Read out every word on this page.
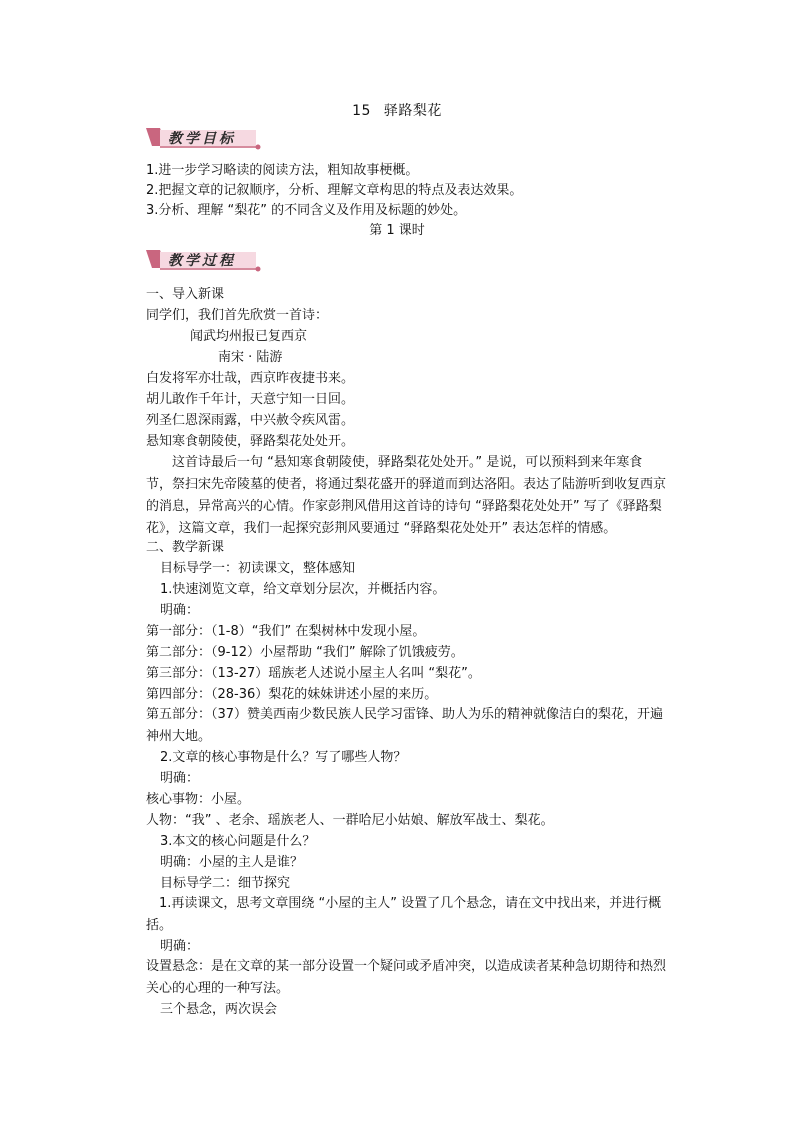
15 驿路梨花
教学目标
1.进一步学习略读的阅读方法，粗知故事梗概。
2.把握文章的记叙顺序，分析、理解文章构思的特点及表达效果。
3.分析、理解 “梨花” 的不同含义及作用及标题的妙处。
第 1 课时
教学过程
一、导入新课
同学们，我们首先欣赏一首诗：
闻武均州报已复西京
南宋 · 陆游
白发将军亦壮哉，西京昨夜捷书来。
胡儿敢作千年计，天意宁知一日回。
列圣仁恩深雨露，中兴赦令疾风雷。
悬知寒食朝陵使，驿路梨花处处开。
这首诗最后一句 “悬知寒食朝陵使，驿路梨花处处开。” 是说，可以预料到来年寒食节，祭扫宋先帝陵墓的使者，将通过梨花盛开的驿道而到达洛阳。表达了陆游听到收复西京的消息，异常高兴的心情。作家彭荆风借用这首诗的诗句 “驿路梨花处处开” 写了《驿路梨花》，这篇文章，我们一起探究彭荆风要通过 “驿路梨花处处开” 表达怎样的情感。
二、教学新课
目标导学一：初读课文，整体感知
1.快速浏览文章，给文章划分层次，并概括内容。
明确：
第一部分：（1-8）“我们” 在梨树林中发现小屋。
第二部分：（9-12）小屋帮助 “我们” 解除了饥饿疲劳。
第三部分：（13-27）瑶族老人述说小屋主人名叫 “梨花”。
第四部分：（28-36）梨花的妹妹讲述小屋的来历。
第五部分：（37）赞美西南少数民族人民学习雷锋、助人为乐的精神就像洁白的梨花，开遍神州大地。
2.文章的核心事物是什么？写了哪些人物？
明确：
核心事物：小屋。
人物：“我” 、老余、瑶族老人、一群哈尼小姑娘、解放军战士、梨花。
3.本文的核心问题是什么？
明确：小屋的主人是谁？
目标导学二：细节探究
1.再读课文，思考文章围绕 “小屋的主人” 设置了几个悬念，请在文中找出来，并进行概括。
明确：
设置悬念：是在文章的某一部分设置一个疑问或矛盾冲突，以造成读者某种急切期待和热烈关心的心理的一种写法。
三个悬念，两次误会
